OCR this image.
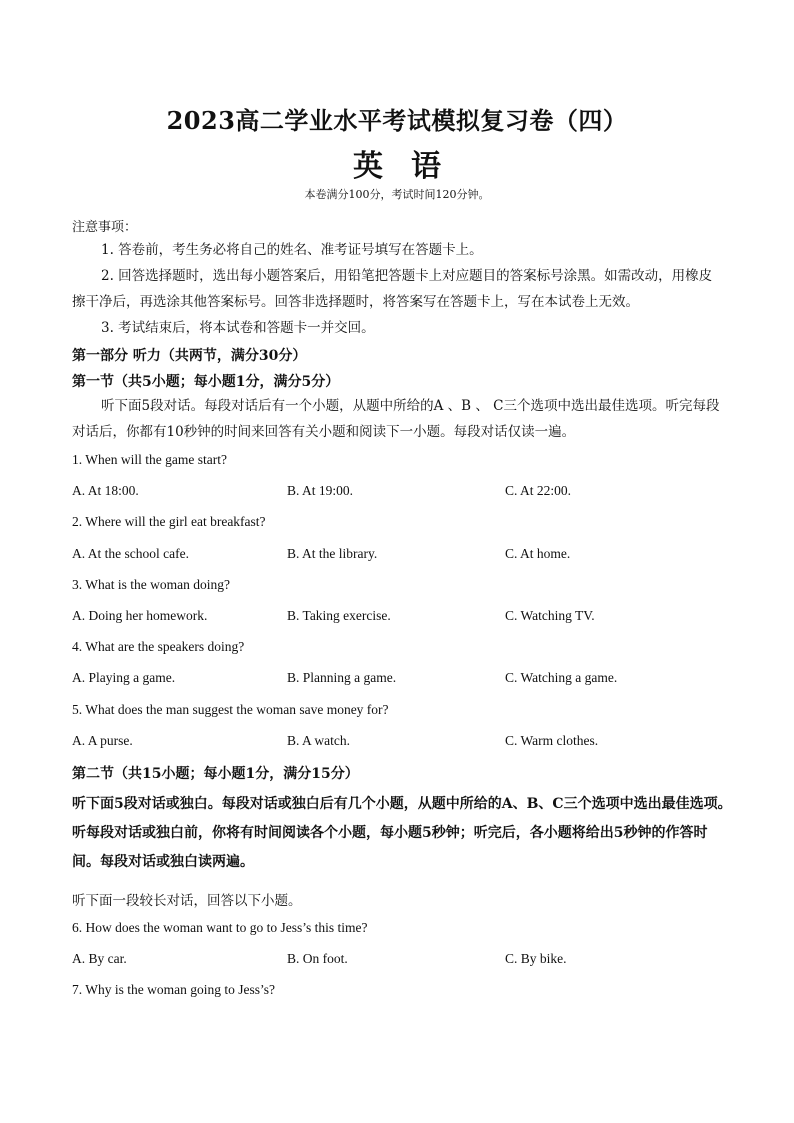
2023高二学业水平考试模拟复习卷（四）
英语
本卷满分100分，考试时间120分钟。
注意事项：
1. 答卷前，考生务必将自己的姓名、准考证号填写在答题卡上。
2. 回答选择题时，选出每小题答案后，用铅笔把答题卡上对应题目的答案标号涂黑。如需改动，用橡皮擦干净后，再选涂其他答案标号。回答非选择题时，将答案写在答题卡上，写在本试卷上无效。
3. 考试结束后，将本试卷和答题卡一并交回。
第一部分 听力（共两节，满分30分）
第一节（共5小题；每小题1分，满分5分）
听下面5段对话。每段对话后有一个小题，从题中所给的A 、B 、 C三个选项中选出最佳选项。听完每段对话后，你都有10秒钟的时间来回答有关小题和阅读下一小题。每段对话仅读一遍。
1. When will the game start?
A. At 18:00.	B. At 19:00.	C. At 22:00.
2. Where will the girl eat breakfast?
A. At the school cafe.	B. At the library.	C. At home.
3. What is the woman doing?
A. Doing her homework.	B. Taking exercise.	C. Watching TV.
4. What are the speakers doing?
A. Playing a game.	B. Planning a game.	C. Watching a game.
5. What does the man suggest the woman save money for?
A. A purse.	B. A watch.	C. Warm clothes.
第二节（共15小题；每小题1分，满分15分）
听下面5段对话或独白。每段对话或独白后有几个小题，从题中所给的A、B、C三个选项中选出最佳选项。听每段对话或独白前，你将有时间阅读各个小题，每小题5秒钟；听完后，各小题将给出5秒钟的作答时间。每段对话或独白读两遍。
听下面一段较长对话，回答以下小题。
6. How does the woman want to go to Jess’s this time?
A. By car.	B. On foot.	C. By bike.
7. Why is the woman going to Jess’s?
